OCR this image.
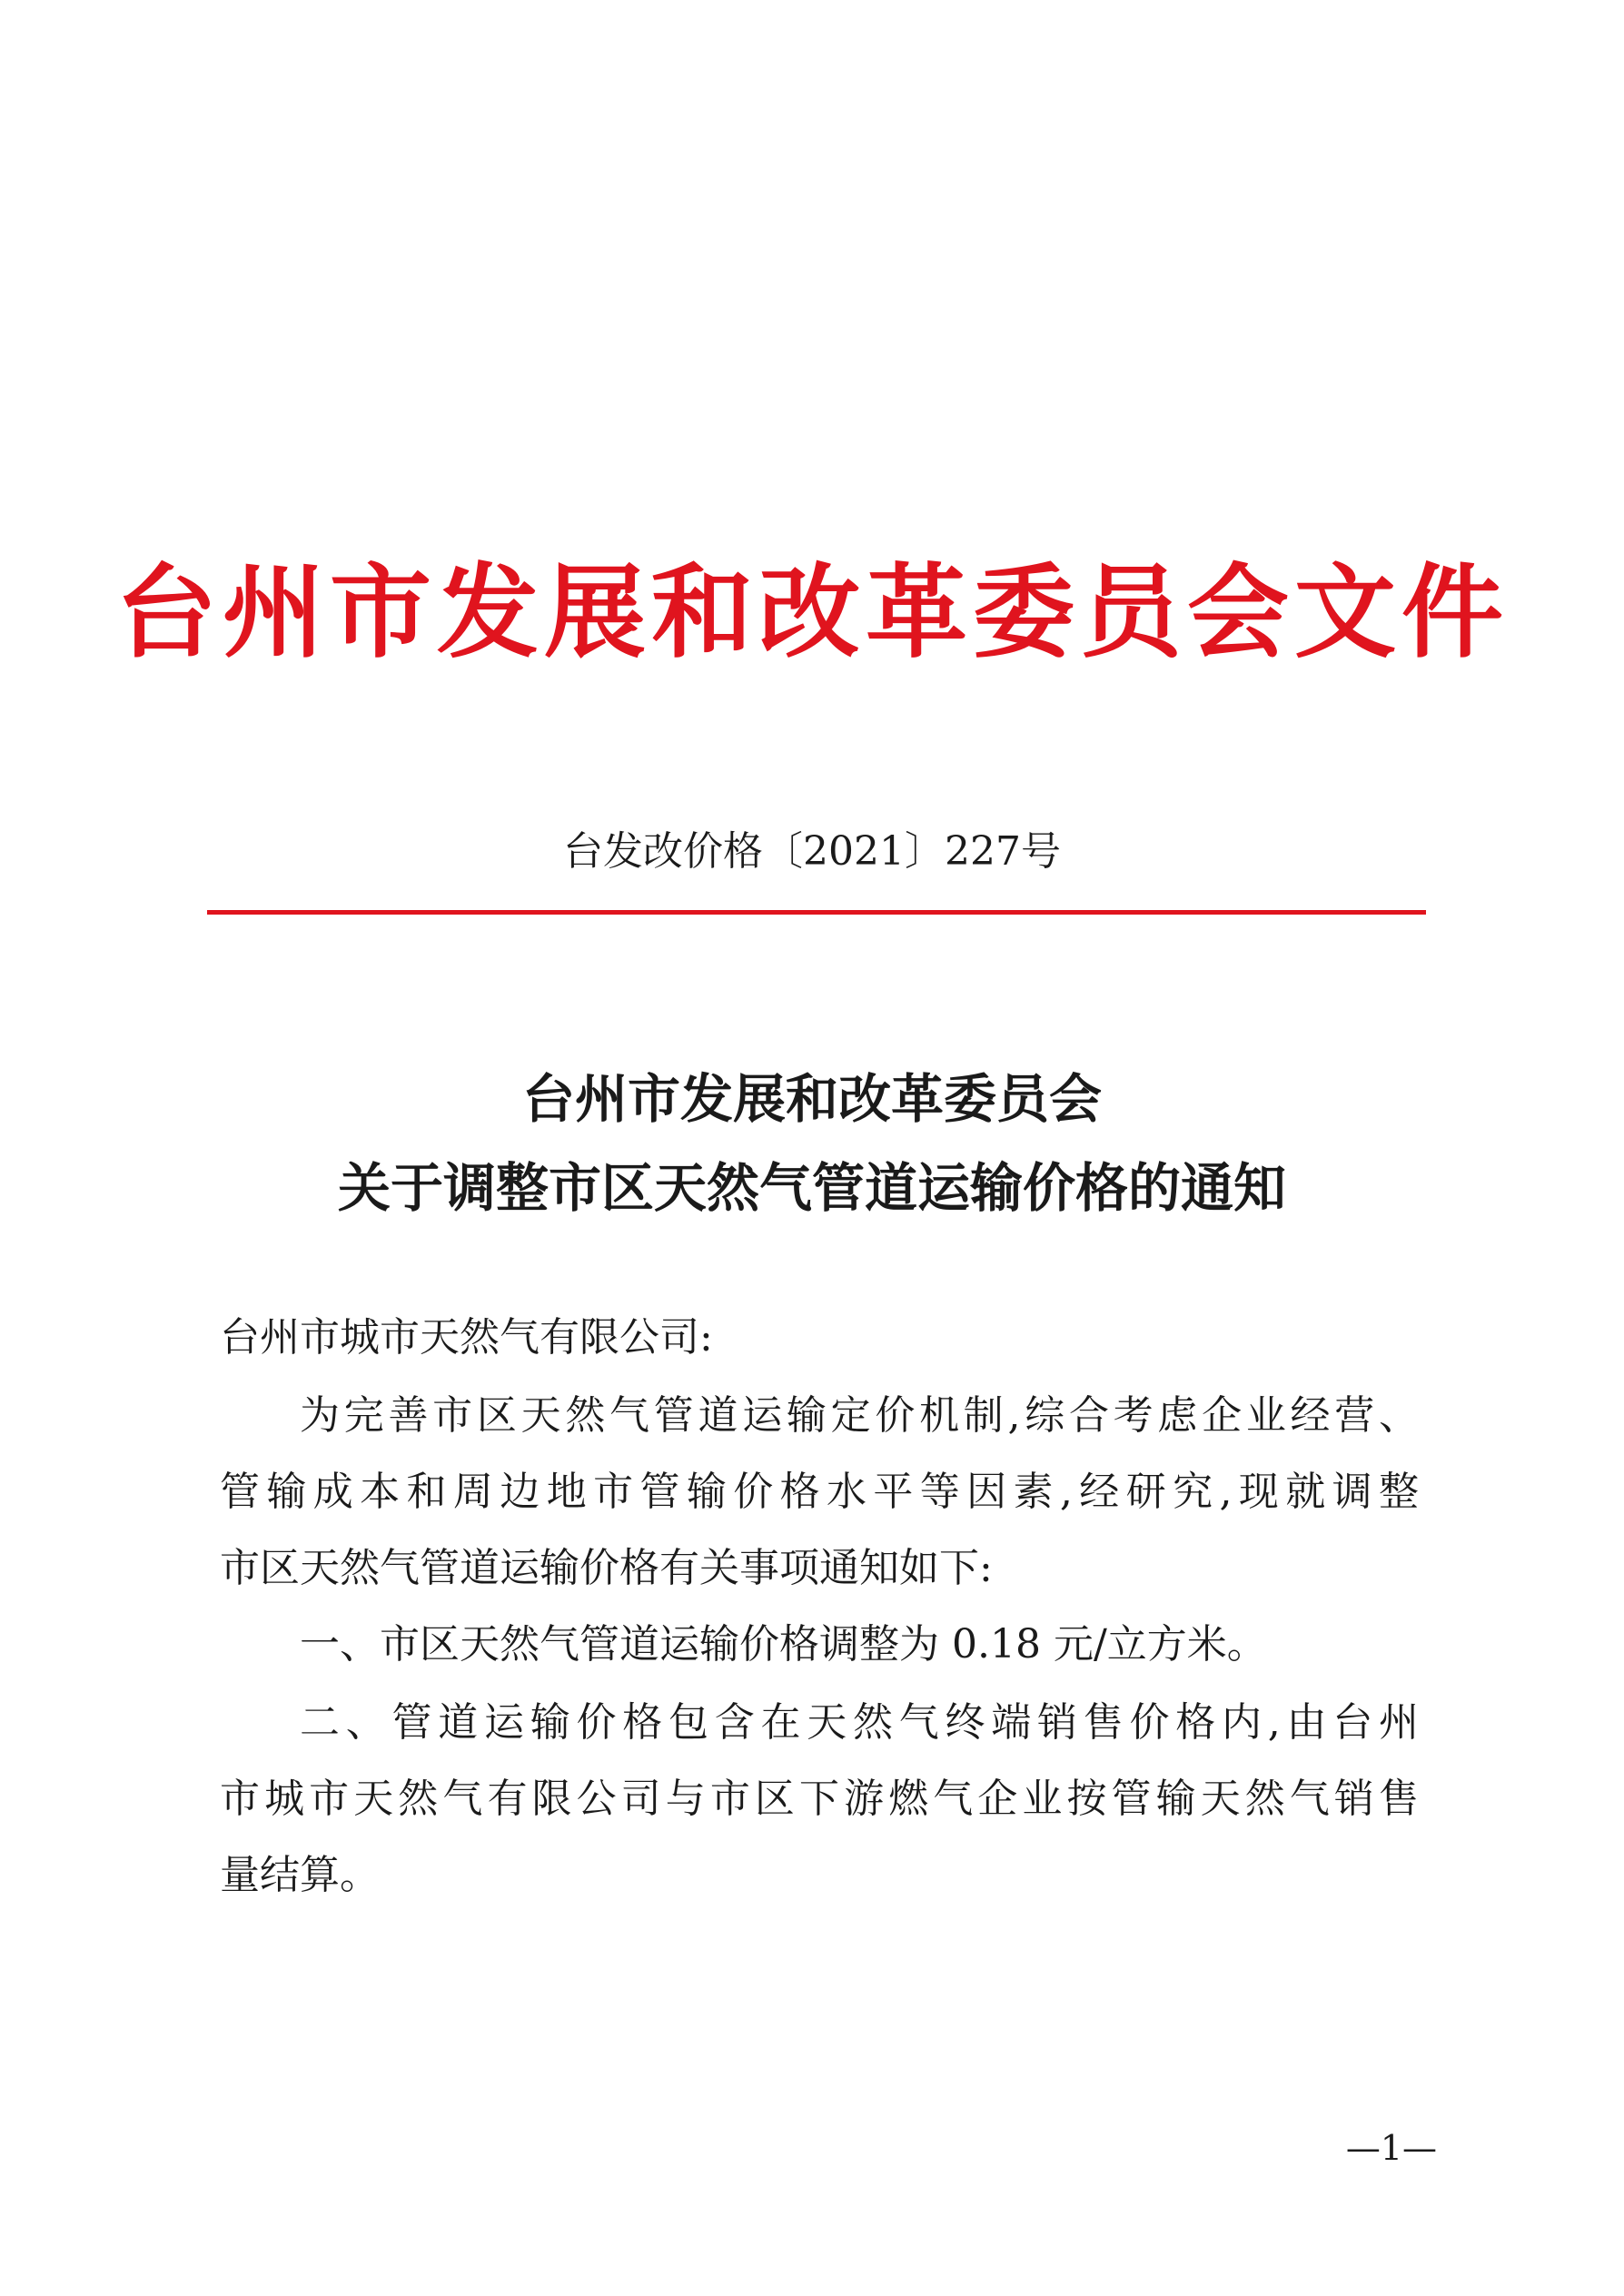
台州市发展和改革委员会文件
台发改价格〔2021〕227号
台州市发展和改革委员会
关于调整市区天然气管道运输价格的通知
台州市城市天然气有限公司:
为完善市区天然气管道运输定价机制,综合考虑企业经营、
管输成本和周边地市管输价格水平等因素,经研究,现就调整
市区天然气管道运输价格有关事项通知如下:
一、市区天然气管道运输价格调整为 0.18 元/立方米。
二、管道运输价格包含在天然气终端销售价格内,由台州
市城市天然气有限公司与市区下游燃气企业按管输天然气销售
量结算。
—1—
